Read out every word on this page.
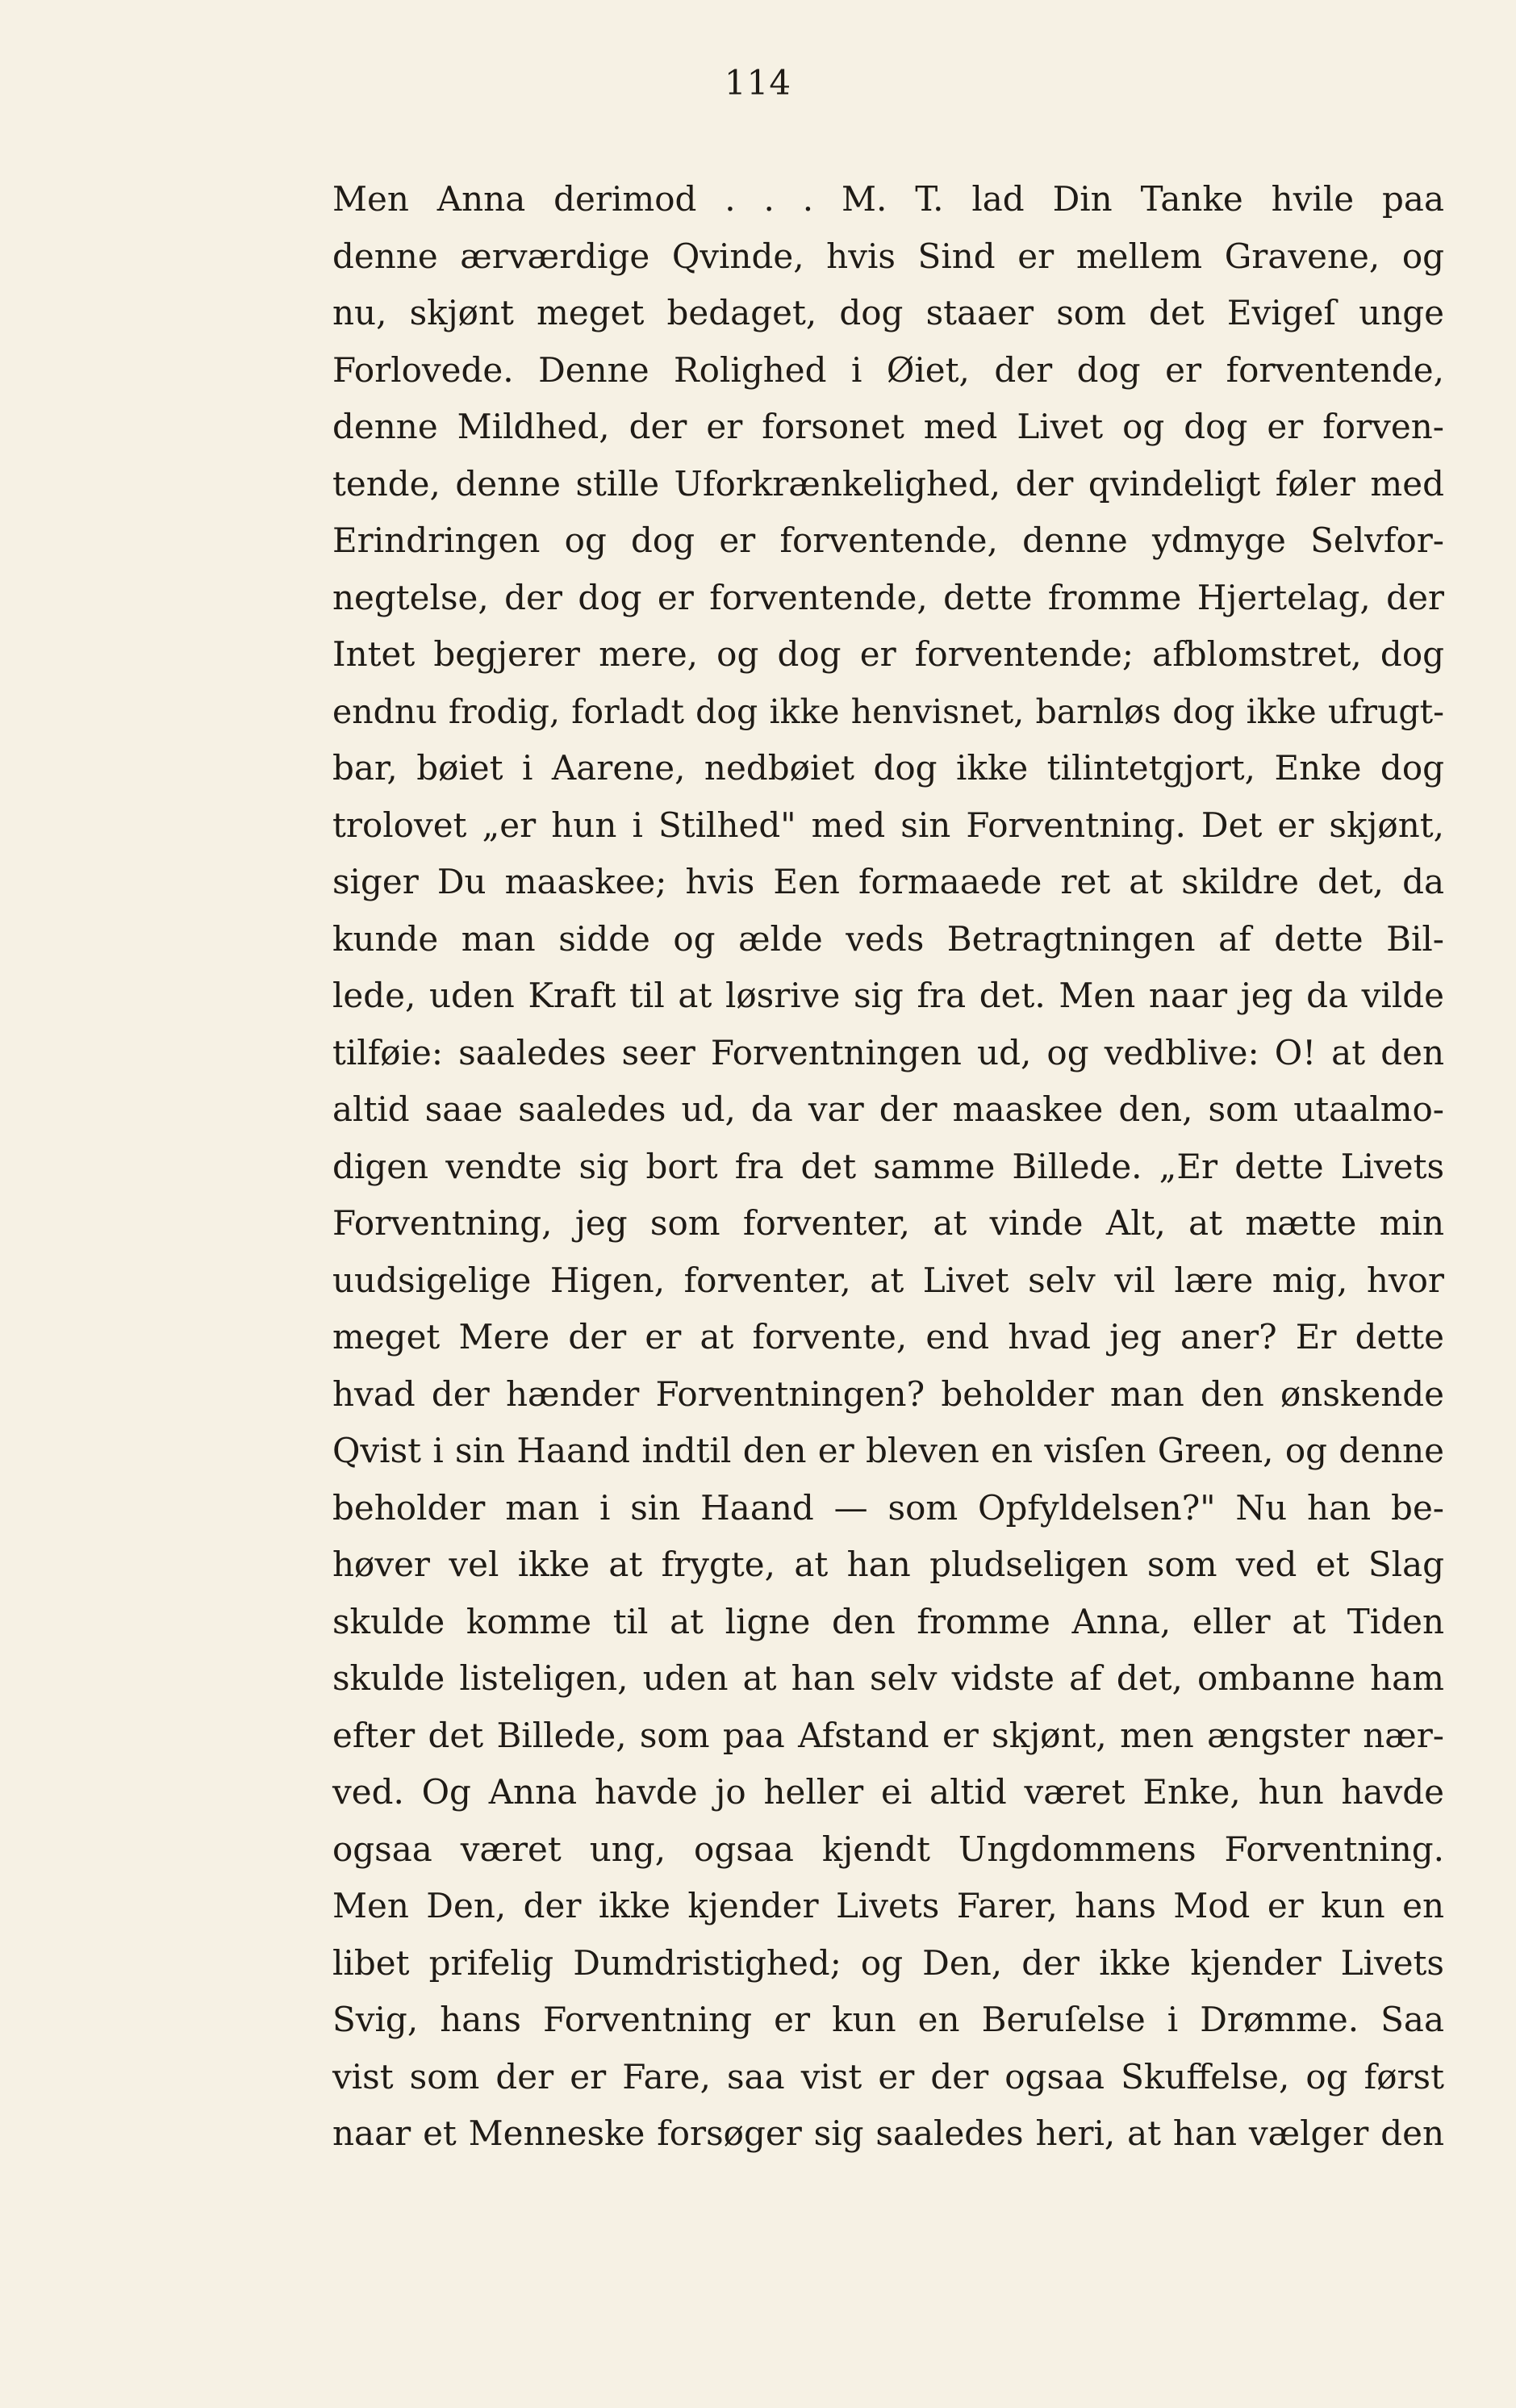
114
Men Anna derimod . . . M. T. lad Din Tanke hvile paa
denne ærværdige Qvinde, hvis Sind er mellem Gravene, og
nu, skjønt meget bedaget, dog staaer som det Evigeſ unge
Forlovede. Denne Rolighed i Øiet, der dog er forventende,
denne Mildhed, der er forsonet med Livet og dog er forven-
tende, denne stille Uforkrænkelighed, der qvindeligt føler med
Erindringen og dog er forventende, denne ydmyge Selvfor-
negtelse, der dog er forventende, dette fromme Hjertelag, der
Intet begjerer mere, og dog er forventende; afblomstret, dog
endnu frodig, forladt dog ikke henvisnet, barnløs dog ikke ufrugt-
bar, bøiet i Aarene, nedbøiet dog ikke tilintetgjort, Enke dog
trolovet „er hun i Stilhed" med sin Forventning. Det er skjønt,
siger Du maaskee; hvis Een formaaede ret at skildre det, da
kunde man sidde og ælde veds Betragtningen af dette Bil-
lede, uden Kraft til at løsrive sig fra det. Men naar jeg da vilde
tilføie: saaledes seer Forventningen ud, og vedblive: O! at den
altid saae saaledes ud, da var der maaskee den, som utaalmo-
digen vendte sig bort fra det samme Billede. „Er dette Livets
Forventning, jeg som forventer, at vinde Alt, at mætte min
uudsigelige Higen, forventer, at Livet selv vil lære mig, hvor
meget Mere der er at forvente, end hvad jeg aner? Er dette
hvad der hænder Forventningen? beholder man den ønskende
Qvist i sin Haand indtil den er bleven en visſen Green, og denne
beholder man i sin Haand — som Opfyldelsen?" Nu han be-
høver vel ikke at frygte, at han pludseligen som ved et Slag
skulde komme til at ligne den fromme Anna, eller at Tiden
skulde listeligen, uden at han selv vidste af det, ombanne ham
efter det Billede, som paa Afstand er skjønt, men ængster nær-
ved. Og Anna havde jo heller ei altid været Enke, hun havde
ogsaa været ung, ogsaa kjendt Ungdommens Forventning.
Men Den, der ikke kjender Livets Farer, hans Mod er kun en
libet prifelig Dumdristighed; og Den, der ikke kjender Livets
Svig, hans Forventning er kun en Beruſelse i Drømme. Saa
vist som der er Fare, saa vist er der ogsaa Skuffelse, og først
naar et Menneske forsøger sig saaledes heri, at han vælger den
